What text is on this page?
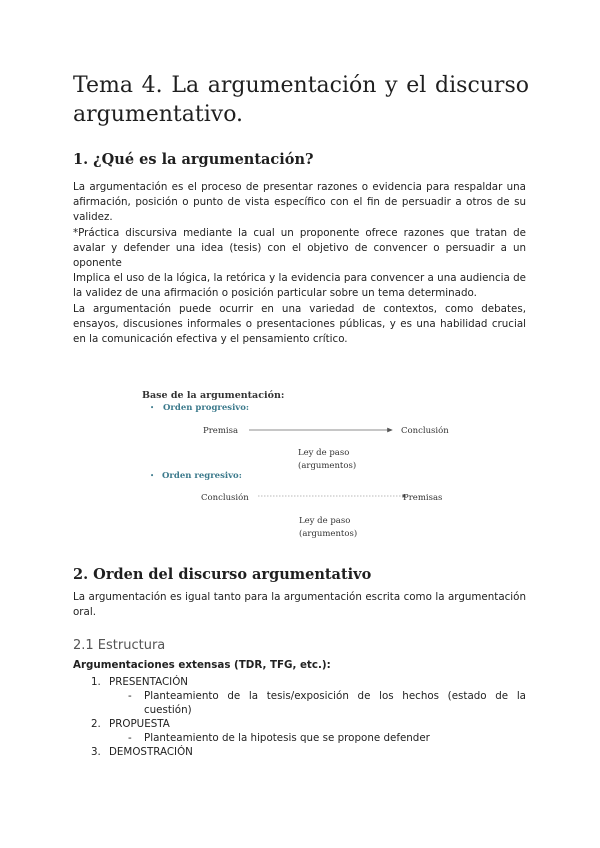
Tema 4. La argumentación y el discurso argumentativo.
1. ¿Qué es la argumentación?
La argumentación es el proceso de presentar razones o evidencia para respaldar una afirmación, posición o punto de vista específico con el fin de persuadir a otros de su validez.
*Práctica discursiva mediante la cual un proponente ofrece razones que tratan de avalar y defender una idea (tesis) con el objetivo de convencer o persuadir a un oponente
Implica el uso de la lógica, la retórica y la evidencia para convencer a una audiencia de la validez de una afirmación o posición particular sobre un tema determinado.
La argumentación puede ocurrir en una variedad de contextos, como debates, ensayos, discusiones informales o presentaciones públicas, y es una habilidad crucial en la comunicación efectiva y el pensamiento crítico.
Base de la argumentación:
• Orden progresivo:
Premisa	Conclusión
Ley de paso
(argumentos)
• Orden regresivo:
Conclusión	Premisas
Ley de paso
(argumentos)
2. Orden del discurso argumentativo

La argumentación es igual tanto para la argumentación escrita como la argumentación oral.

2.1 Estructura
Argumentaciones extensas (TDR, TFG, etc.):
1. PRESENTACIÓN
- Planteamiento de la tesis/exposición de los hechos (estado de la cuestión)
2. PROPUESTA
- Planteamiento de la hipotesis que se propone defender
3. DEMOSTRACIÓN
